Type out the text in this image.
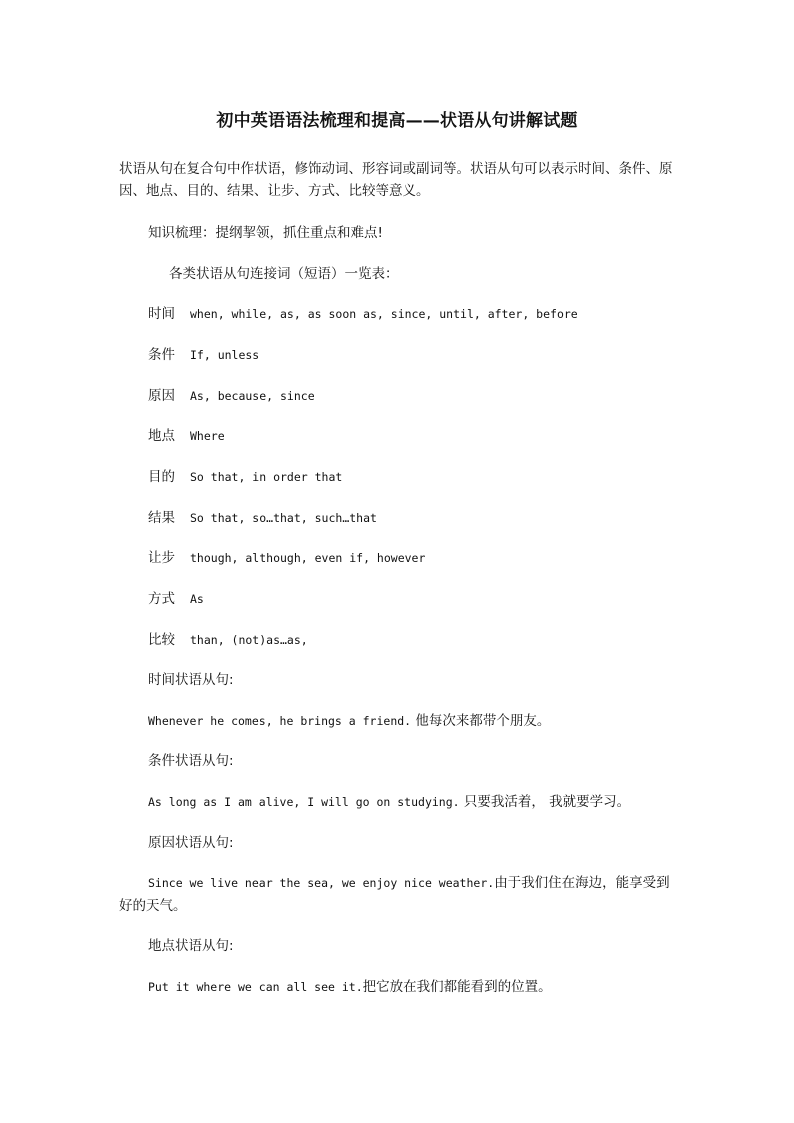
初中英语语法梳理和提高——状语从句讲解试题
状语从句在复合句中作状语，修饰动词、形容词或副词等。状语从句可以表示时间、条件、原因、地点、目的、结果、让步、方式、比较等意义。
知识梳理：提纲挈领，抓住重点和难点!
各类状语从句连接词（短语）一览表：
时间 when, while, as, as soon as, since, until, after, before
条件 If, unless
原因 As, because, since
地点 Where
目的 So that, in order that
结果 So that, so…that, such…that
让步 though, although, even if, however
方式 As
比较 than, (not)as…as,
时间状语从句:
Whenever he comes, he brings a friend. 他每次来都带个朋友。
条件状语从句:
As long as I am alive, I will go on studying. 只要我活着， 我就要学习。
原因状语从句:
Since we live near the sea, we enjoy nice weather.由于我们住在海边，能享受到
好的天气。
地点状语从句:
Put it where we can all see it.把它放在我们都能看到的位置。
